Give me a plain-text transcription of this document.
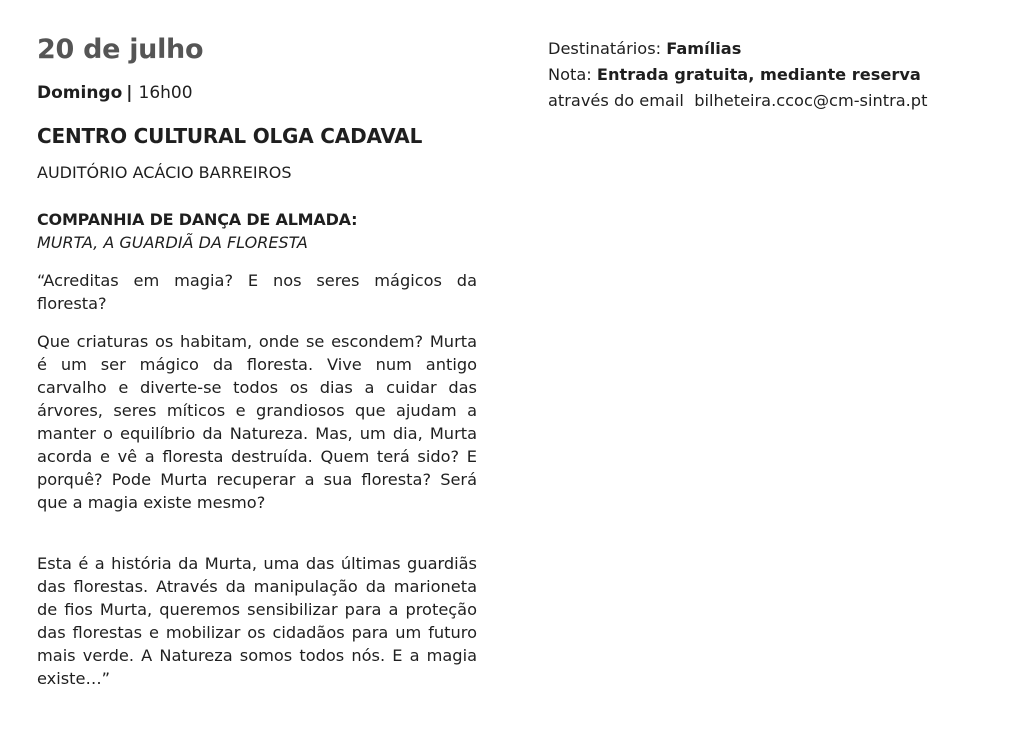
20 de julho
Domingo | 16h00
CENTRO CULTURAL OLGA CADAVAL
AUDITÓRIO ACÁCIO BARREIROS
COMPANHIA DE DANÇA DE ALMADA:
MURTA, A GUARDIÃ DA FLORESTA

“Acreditas em magia? E nos seres mágicos da floresta?

Que criaturas os habitam, onde se escondem? Murta é um ser mágico da floresta. Vive num antigo carvalho e diverte-se todos os dias a cuidar das árvores, seres míticos e grandiosos que ajudam a manter o equilíbrio da Natureza. Mas, um dia, Murta acorda e vê a floresta destruída. Quem terá sido? E porquê? Pode Murta recuperar a sua floresta? Será que a magia existe mesmo?

Esta é a história da Murta, uma das últimas guardiãs das florestas. Através da manipulação da marioneta de fios Murta, queremos sensibilizar para a proteção das florestas e mobilizar os cidadãos para um futuro mais verde. A Natureza somos todos nós. E a magia existe…”

Destinatários: Famílias
Nota: Entrada gratuita, mediante reserva
através do email bilheteira.ccoc@cm-sintra.pt
